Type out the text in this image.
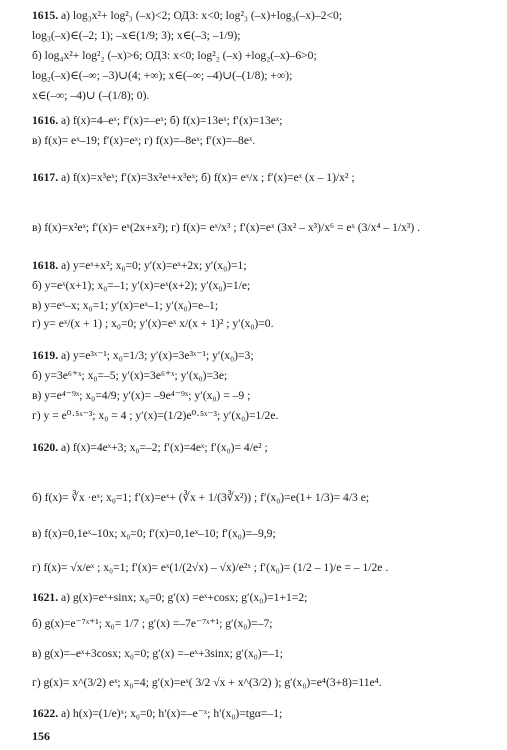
1615. а) log₃x²+ log²₃ (–x)<2; ОДЗ: x<0; log²₃ (–x)+log₃(–x)–2<0;
log₃(–x)∈(–2; 1); –x∈(1/9; 3); x∈(–3; –1/9);
б) log₄x²+ log²₂ (–x)>6; ОДЗ: x<0; log²₂ (–x) +log₂(–x)–6>0;
log₂(–x)∈(–∞; –3)∪(4; +∞); x∈(–∞; –4)∪(–(1/8); +∞);
x∈(–∞; –4)∪ (–(1/8); 0).
1616. а) f(x)=4–eˣ; f′(x)=–eˣ; б) f(x)=13eˣ; f′(x)=13eˣ;
в) f(x)= eˣ–19; f′(x)=eˣ; г) f(x)=–8eˣ; f′(x)=–8eˣ.
1617. а) f(x)=x³eˣ; f′(x)=3x²eˣ+x³eˣ; б) f(x)= eˣ/x ; f′(x)=eˣ (x – 1)/x² ;
в) f(x)=x²eˣ; f′(x)= eˣ(2x+x²); г) f(x)= eˣ/x³ ; f′(x)=eˣ (3x² – x³)/x⁶ = eˣ (3/x⁴ – 1/x³) .
1618. а) y=eˣ+x²; x₀=0; y′(x)=eˣ+2x; y′(x₀)=1;
б) y=eˣ(x+1); x₀=–1; y′(x)=eˣ(x+2); y′(x₀)=1/e;
в) y=eˣ–x; x₀=1; y′(x)=eˣ–1; y′(x₀)=e–1;
г) y= eˣ/(x + 1) ; x₀=0; y′(x)=eˣ x/(x + 1)² ; y′(x₀)=0.
1619. а) y=e³ˣ⁻¹; x₀=1/3; y′(x)=3e³ˣ⁻¹; y′(x₀)=3;
б) y=3e⁶⁺ˣ; x₀=–5; y′(x)=3e⁶⁺ˣ; y′(x₀)=3e;
в) y=e⁴⁻⁹ˣ; x₀=4/9; y′(x)= –9e⁴⁻⁹ˣ; y′(x₀) = –9 ;
г) y = e⁰·⁵ˣ⁻³; x₀ = 4 ; y′(x)=(1/2)e⁰·⁵ˣ⁻³; y′(x₀)=1/2e.
1620. а) f(x)=4eˣ+3; x₀=–2; f′(x)=4eˣ; f′(x₀)= 4/e² ;
б) f(x)= ∛x ·eˣ; x₀=1; f′(x)=eˣ+ (∛x + 1/(3∛x²)) ; f′(x₀)=e(1+ 1/3)= 4/3 e;
в) f(x)=0,1eˣ–10x; x₀=0; f′(x)=0,1eˣ–10; f′(x₀)=–9,9;
г) f(x)= √x/eˣ ; x₀=1; f′(x)= eˣ(1/(2√x) – √x)/e²ˣ ; f′(x₀)= (1/2 – 1)/e = – 1/2e .
1621. а) g(x)=eˣ+sinx; x₀=0; g′(x) =eˣ+cosx; g′(x₀)=1+1=2;
б) g(x)=e⁻⁷ˣ⁺¹; x₀= 1/7 ; g′(x) =–7e⁻⁷ˣ⁺¹; g′(x₀)=–7;
в) g(x)=–eˣ+3cosx; x₀=0; g′(x) =–eˣ+3sinx; g′(x₀)=–1;
г) g(x)= x^(3/2) eˣ; x₀=4; g′(x)=eˣ( 3/2 √x + x^(3/2) ); g′(x₀)=e⁴(3+8)=11e⁴.
1622. а) h(x)=(1/e)ˣ; x₀=0; h′(x)=–e⁻ˣ; h′(x₀)=tgα=–1;
156
